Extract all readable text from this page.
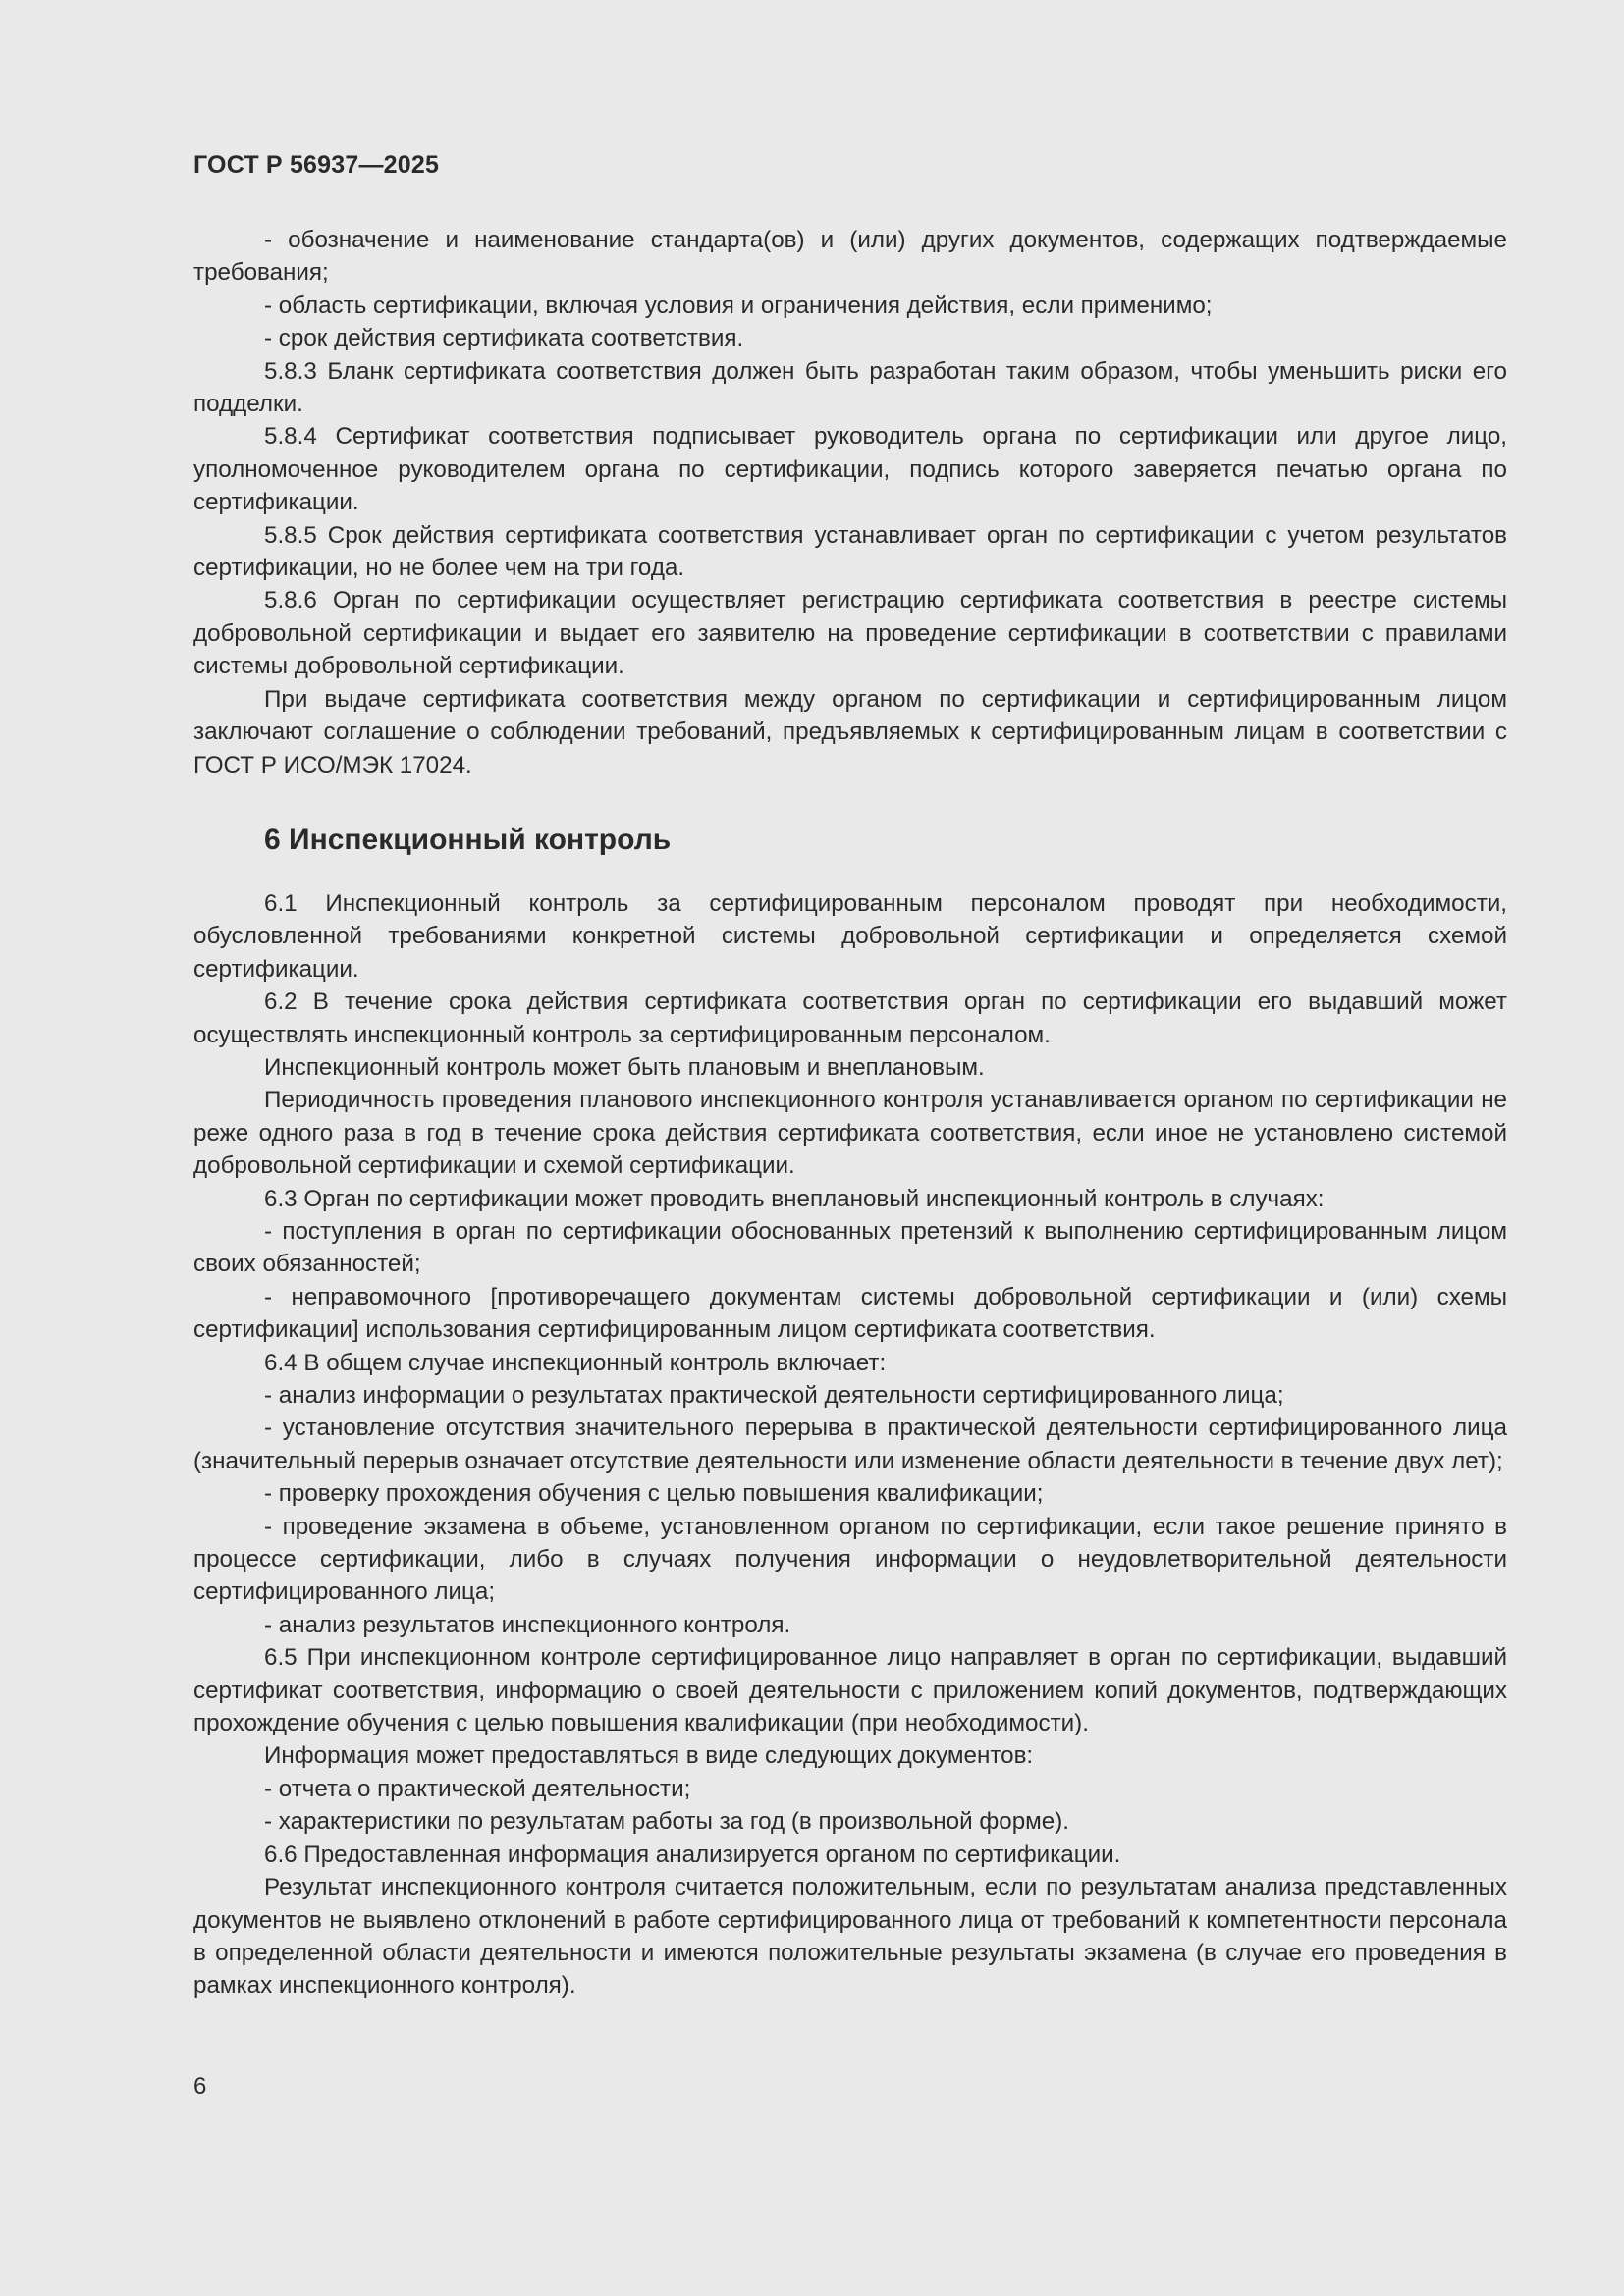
ГОСТ Р 56937—2025

- обозначение и наименование стандарта(ов) и (или) других документов, содержащих подтверждаемые требования;

- область сертификации, включая условия и ограничения действия, если применимо;

- срок действия сертификата соответствия.

5.8.3 Бланк сертификата соответствия должен быть разработан таким образом, чтобы уменьшить риски его подделки.

5.8.4 Сертификат соответствия подписывает руководитель органа по сертификации или другое лицо, уполномоченное руководителем органа по сертификации, подпись которого заверяется печатью органа по сертификации.

5.8.5 Срок действия сертификата соответствия устанавливает орган по сертификации с учетом результатов сертификации, но не более чем на три года.

5.8.6 Орган по сертификации осуществляет регистрацию сертификата соответствия в реестре системы добровольной сертификации и выдает его заявителю на проведение сертификации в соответствии с правилами системы добровольной сертификации.

При выдаче сертификата соответствия между органом по сертификации и сертифицированным лицом заключают соглашение о соблюдении требований, предъявляемых к сертифицированным лицам в соответствии с ГОСТ Р ИСО/МЭК 17024.

6 Инспекционный контроль

6.1 Инспекционный контроль за сертифицированным персоналом проводят при необходимости, обусловленной требованиями конкретной системы добровольной сертификации и определяется схемой сертификации.

6.2 В течение срока действия сертификата соответствия орган по сертификации его выдавший может осуществлять инспекционный контроль за сертифицированным персоналом.

Инспекционный контроль может быть плановым и внеплановым.

Периодичность проведения планового инспекционного контроля устанавливается органом по сертификации не реже одного раза в год в течение срока действия сертификата соответствия, если иное не установлено системой добровольной сертификации и схемой сертификации.

6.3 Орган по сертификации может проводить внеплановый инспекционный контроль в случаях:

- поступления в орган по сертификации обоснованных претензий к выполнению сертифицированным лицом своих обязанностей;

- неправомочного [противоречащего документам системы добровольной сертификации и (или) схемы сертификации] использования сертифицированным лицом сертификата соответствия.

6.4 В общем случае инспекционный контроль включает:

- анализ информации о результатах практической деятельности сертифицированного лица;

- установление отсутствия значительного перерыва в практической деятельности сертифицированного лица (значительный перерыв означает отсутствие деятельности или изменение области деятельности в течение двух лет);

- проверку прохождения обучения с целью повышения квалификации;

- проведение экзамена в объеме, установленном органом по сертификации, если такое решение принято в процессе сертификации, либо в случаях получения информации о неудовлетворительной деятельности сертифицированного лица;

- анализ результатов инспекционного контроля.

6.5 При инспекционном контроле сертифицированное лицо направляет в орган по сертификации, выдавший сертификат соответствия, информацию о своей деятельности с приложением копий документов, подтверждающих прохождение обучения с целью повышения квалификации (при необходимости).

Информация может предоставляться в виде следующих документов:

- отчета о практической деятельности;

- характеристики по результатам работы за год (в произвольной форме).

6.6 Предоставленная информация анализируется органом по сертификации.

Результат инспекционного контроля считается положительным, если по результатам анализа представленных документов не выявлено отклонений в работе сертифицированного лица от требований к компетентности персонала в определенной области деятельности и имеются положительные результаты экзамена (в случае его проведения в рамках инспекционного контроля).

6
